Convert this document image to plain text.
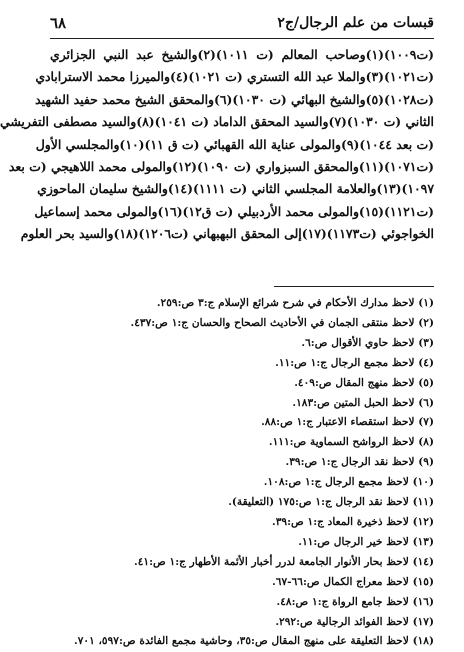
قبسات من علم الرجال/ج٢
٦٨
(ت١٠٠٩)(١)وصاحب المعالم (ت ١٠١١)(٢)والشيخ عبد النبي الجزائري
(ت١٠٢١)(٣)والملا عبد الله التستري (ت ١٠٢١)(٤)والميرزا محمد الاسترابادي
(ت١٠٢٨)(٥)والشيخ البهائي (ت ١٠٣٠)(٦)والمحقق الشيخ محمد حفيد الشهيد
الثاني (ت ١٠٣٠)(٧)والسيد المحقق الداماد (ت ١٠٤١)(٨)والسيد مصطفى التفريشي
(ت بعد ١٠٤٤)(٩)والمولى عناية الله القهبائي (ت ق ١١)(١٠)والمجلسي الأول
(ت١٠٧١)(١١)والمحقق السبزواري (ت ١٠٩٠)(١٢)والمولى محمد اللاهيجي (ت بعد
١٠٩٧)(١٣)والعلامة المجلسي الثاني (ت ١١١١)(١٤)والشيخ سليمان الماحوزي
(ت١١٢١)(١٥)والمولى محمد الأردبيلي (ت ق١٢)(١٦)والمولى محمد إسماعيل
الخواجوئي (ت١١٧٣)(١٧)إلى المحقق البهبهاني (ت١٢٠٦)(١٨)والسيد بحر العلوم
(١) لاحظ مدارك الأحكام في شرح شرائع الإسلام ج:٣ ص:٢٥٩.
(٢) لاحظ منتقى الجمان في الأحاديث الصحاح والحسان ج:١ ص:٤٣٧.
(٣) لاحظ حاوي الأقوال ص:٦.
(٤) لاحظ مجمع الرجال ج:١ ص:١١.
(٥) لاحظ منهج المقال ص:٤٠٩.
(٦) لاحظ الحبل المتين ص:١٨٣.
(٧) لاحظ استقصاء الاعتبار ج:١ ص:٨٨.
(٨) لاحظ الرواشح السماوية ص:١١١.
(٩) لاحظ نقد الرجال ج:١ ص:٣٩.
(١٠) لاحظ مجمع الرجال ج:١ ص:١٠٨.
(١١) لاحظ نقد الرجال ج:١ ص:١٧٥ (التعليقة).
(١٢) لاحظ ذخيرة المعاد ج:١ ص:٣٩.
(١٣) لاحظ خير الرجال ص:١١.
(١٤) لاحظ بحار الأنوار الجامعة لدرر أخبار الأئمة الأطهار ج:١ ص:٤١.
(١٥) لاحظ معراج الكمال ص:٦٦-٦٧.
(١٦) لاحظ جامع الرواة ج:١ ص:٤٨.
(١٧) لاحظ الفوائد الرجالية ص:٢٩٢.
(١٨) لاحظ التعليقة على منهج المقال ص:٣٥، وحاشية مجمع الفائدة ص:٥٩٧، ٧٠١.
